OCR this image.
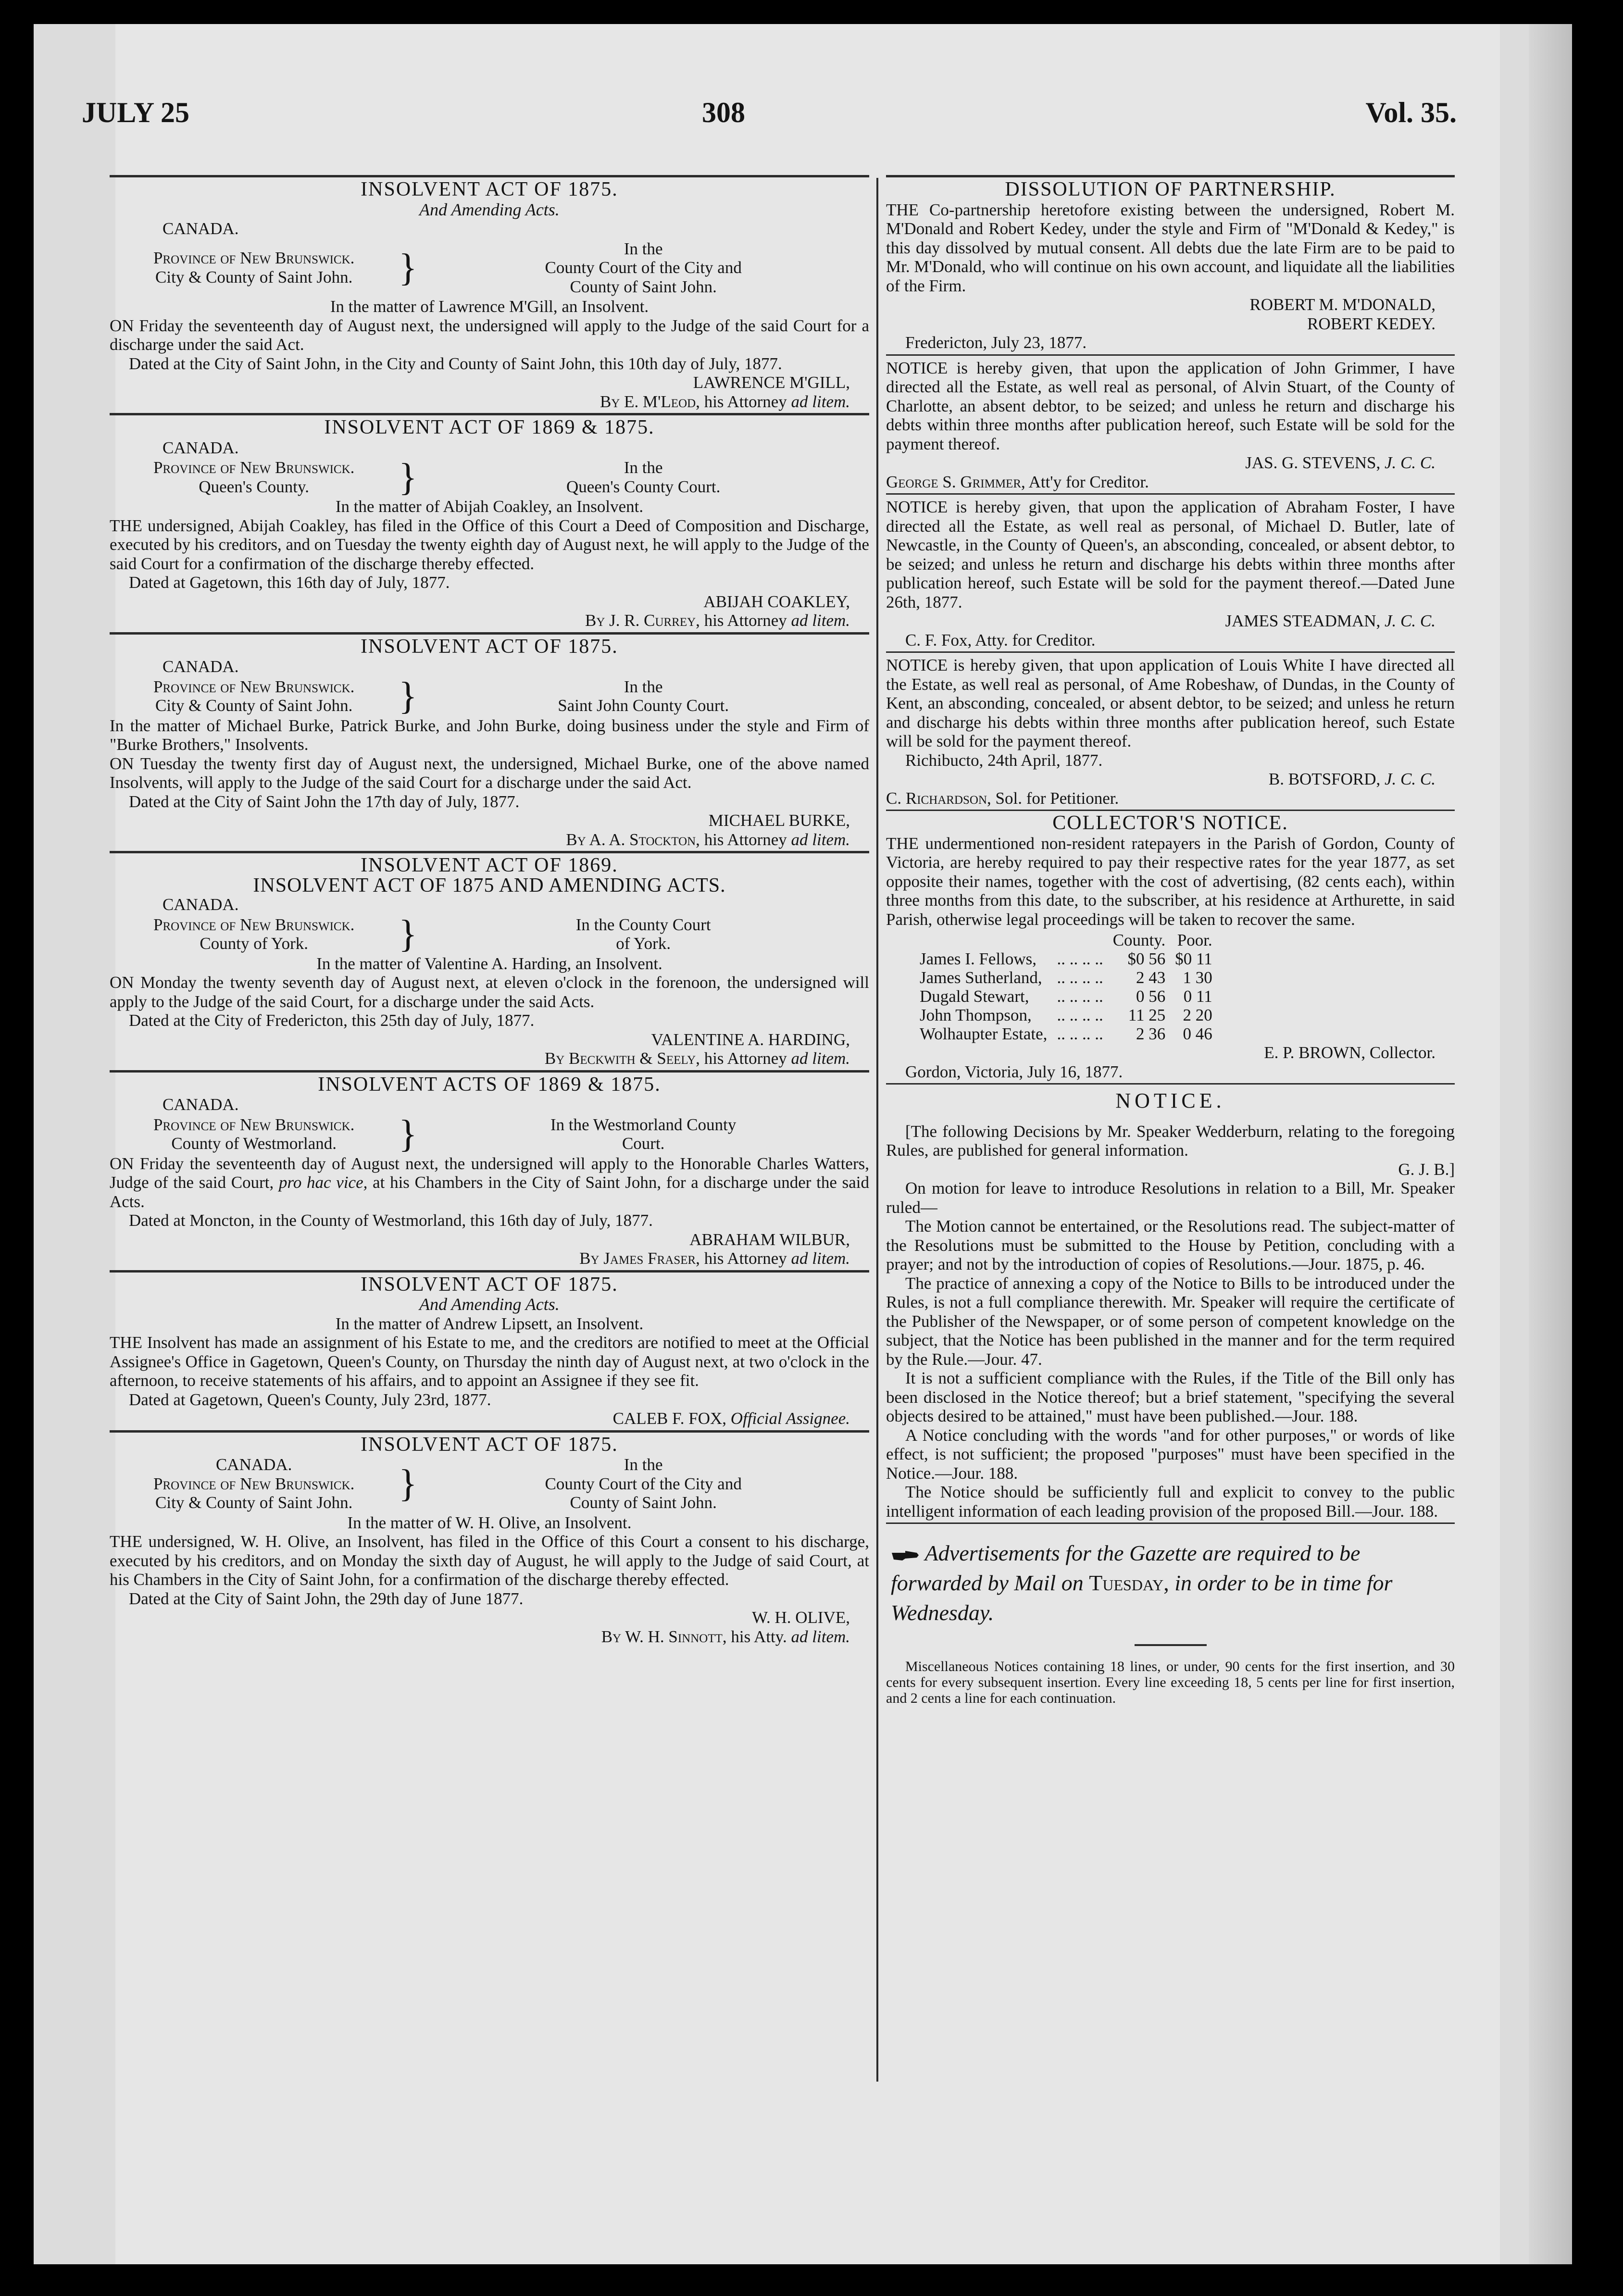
JULY 25	308	Vol. 35.
INSOLVENT ACT OF 1875.
And Amending Acts.
CANADA.
Province of New Brunswick.
City & County of Saint John.	}	In the
County Court of the City and
County of Saint John.

In the matter of Lawrence M'Gill, an Insolvent.

ON Friday the seventeenth day of August next, the undersigned will apply to the Judge of the said Court for a discharge under the said Act.

Dated at the City of Saint John, in the City and County of Saint John, this 10th day of July, 1877.

LAWRENCE M'GILL,

By E. M'Leod, his Attorney ad litem.

INSOLVENT ACT OF 1869 & 1875.
CANADA.
Province of New Brunswick.
Queen's County.	}	In the
Queen's County Court.

In the matter of Abijah Coakley, an Insolvent.

THE undersigned, Abijah Coakley, has filed in the Office of this Court a Deed of Composition and Discharge, executed by his creditors, and on Tuesday the twenty eighth day of August next, he will apply to the Judge of the said Court for a confirmation of the discharge thereby effected.

Dated at Gagetown, this 16th day of July, 1877.

ABIJAH COAKLEY,

By J. R. Currey, his Attorney ad litem.

INSOLVENT ACT OF 1875.
CANADA.
Province of New Brunswick.
City & County of Saint John.	}	In the
Saint John County Court.

In the matter of Michael Burke, Patrick Burke, and John Burke, doing business under the style and Firm of "Burke Brothers," Insolvents.

ON Tuesday the twenty first day of August next, the undersigned, Michael Burke, one of the above named Insolvents, will apply to the Judge of the said Court for a discharge under the said Act.

Dated at the City of Saint John the 17th day of July, 1877.

MICHAEL BURKE,

By A. A. Stockton, his Attorney ad litem.

INSOLVENT ACT OF 1869.
INSOLVENT ACT OF 1875 AND AMENDING ACTS.
CANADA.
Province of New Brunswick.
County of York.	}	In the County Court
of York.

In the matter of Valentine A. Harding, an Insolvent.

ON Monday the twenty seventh day of August next, at eleven o'clock in the forenoon, the undersigned will apply to the Judge of the said Court, for a discharge under the said Acts.

Dated at the City of Fredericton, this 25th day of July, 1877.

VALENTINE A. HARDING,

By Beckwith & Seely, his Attorney ad litem.

INSOLVENT ACTS OF 1869 & 1875.
CANADA.
Province of New Brunswick.
County of Westmorland.	}	In the Westmorland County
Court.

ON Friday the seventeenth day of August next, the undersigned will apply to the Honorable Charles Watters, Judge of the said Court, pro hac vice, at his Chambers in the City of Saint John, for a discharge under the said Acts.

Dated at Moncton, in the County of Westmorland, this 16th day of July, 1877.

ABRAHAM WILBUR,

By James Fraser, his Attorney ad litem.

INSOLVENT ACT OF 1875.
And Amending Acts.

In the matter of Andrew Lipsett, an Insolvent.

THE Insolvent has made an assignment of his Estate to me, and the creditors are notified to meet at the Official Assignee's Office in Gagetown, Queen's County, on Thursday the ninth day of August next, at two o'clock in the afternoon, to receive statements of his affairs, and to appoint an Assignee if they see fit.

Dated at Gagetown, Queen's County, July 23rd, 1877.

CALEB F. FOX, Official Assignee.

INSOLVENT ACT OF 1875.
CANADA.
Province of New Brunswick.
City & County of Saint John.	}	In the
County Court of the City and
County of Saint John.

In the matter of W. H. Olive, an Insolvent.

THE undersigned, W. H. Olive, an Insolvent, has filed in the Office of this Court a consent to his discharge, executed by his creditors, and on Monday the sixth day of August, he will apply to the Judge of said Court, at his Chambers in the City of Saint John, for a confirmation of the discharge thereby effected.

Dated at the City of Saint John, the 29th day of June 1877.

W. H. OLIVE,

By W. H. Sinnott, his Atty. ad litem.

DISSOLUTION OF PARTNERSHIP.

THE Co-partnership heretofore existing between the undersigned, Robert M. M'Donald and Robert Kedey, under the style and Firm of "M'Donald & Kedey," is this day dissolved by mutual consent. All debts due the late Firm are to be paid to Mr. M'Donald, who will continue on his own account, and liquidate all the liabilities of the Firm.

ROBERT M. M'DONALD,

ROBERT KEDEY.

Fredericton, July 23, 1877.

NOTICE is hereby given, that upon the application of John Grimmer, I have directed all the Estate, as well real as personal, of Alvin Stuart, of the County of Charlotte, an absent debtor, to be seized; and unless he return and discharge his debts within three months after publication hereof, such Estate will be sold for the payment thereof.

JAS. G. STEVENS, J. C. C.

George S. Grimmer, Att'y for Creditor.

NOTICE is hereby given, that upon the application of Abraham Foster, I have directed all the Estate, as well real as personal, of Michael D. Butler, late of Newcastle, in the County of Queen's, an absconding, concealed, or absent debtor, to be seized; and unless he return and discharge his debts within three months after publication hereof, such Estate will be sold for the payment thereof.—Dated June 26th, 1877.

JAMES STEADMAN, J. C. C.

C. F. Fox, Atty. for Creditor.

NOTICE is hereby given, that upon application of Louis White I have directed all the Estate, as well real as personal, of Ame Robeshaw, of Dundas, in the County of Kent, an absconding, concealed, or absent debtor, to be seized; and unless he return and discharge his debts within three months after publication hereof, such Estate will be sold for the payment thereof.

Richibucto, 24th April, 1877.

B. BOTSFORD, J. C. C.

C. Richardson, Sol. for Petitioner.

COLLECTOR'S NOTICE.

THE undermentioned non-resident ratepayers in the Parish of Gordon, County of Victoria, are hereby required to pay their respective rates for the year 1877, as set opposite their names, together with the cost of advertising, (82 cents each), within three months from this date, to the subscriber, at his residence at Arthurette, in said Parish, otherwise legal proceedings will be taken to recover the same.

		County.	Poor.
James I. Fellows,	.. .. .. ..	$0 56	$0 11
James Sutherland,	.. .. .. ..	2 43	1 30
Dugald Stewart,	.. .. .. ..	0 56	0 11
John Thompson,	.. .. .. ..	11 25	2 20
Wolhaupter Estate,	.. .. .. ..	2 36	0 46

E. P. BROWN, Collector.

Gordon, Victoria, July 16, 1877.

NOTICE.

[The following Decisions by Mr. Speaker Wedderburn, relating to the foregoing Rules, are published for general information.

G. J. B.]

On motion for leave to introduce Resolutions in relation to a Bill, Mr. Speaker ruled—

The Motion cannot be entertained, or the Resolutions read. The subject-matter of the Resolutions must be submitted to the House by Petition, concluding with a prayer; and not by the introduction of copies of Resolutions.—Jour. 1875, p. 46.

The practice of annexing a copy of the Notice to Bills to be introduced under the Rules, is not a full compliance therewith. Mr. Speaker will require the certificate of the Publisher of the Newspaper, or of some person of competent knowledge on the subject, that the Notice has been published in the manner and for the term required by the Rule.—Jour. 47.

It is not a sufficient compliance with the Rules, if the Title of the Bill only has been disclosed in the Notice thereof; but a brief statement, "specifying the several objects desired to be attained," must have been published.—Jour. 188.

A Notice concluding with the words "and for other purposes," or words of like effect, is not sufficient; the proposed "purposes" must have been specified in the Notice.—Jour. 188.

The Notice should be sufficiently full and explicit to convey to the public intelligent information of each leading provision of the proposed Bill.—Jour. 188.

Advertisements for the Gazette are required to be forwarded by Mail on Tuesday, in order to be in time for Wednesday.

Miscellaneous Notices containing 18 lines, or under, 90 cents for the first insertion, and 30 cents for every subsequent insertion. Every line exceeding 18, 5 cents per line for first insertion, and 2 cents a line for each continuation.
